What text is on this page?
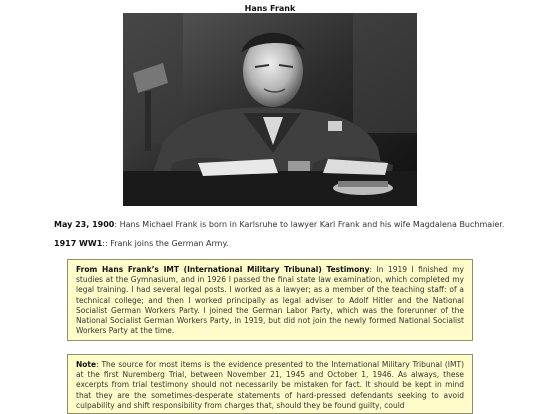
Hans Frank
May 23, 1900: Hans Michael Frank is born in Karlsruhe to lawyer Karl Frank and his wife Magdalena Buchmaier.
1917 WW1:: Frank joins the German Army.
From Hans Frank’s IMT (International Military Tribunal) Testimony: In 1919 I finished my studies at the Gymnasium, and in 1926 I passed the final state law examination, which completed my legal training. I had several legal posts. I worked as a lawyer; as a member of the teaching staff: of a technical college; and then I worked principally as legal adviser to Adolf Hitler and the National Socialist German Workers Party. I joined the German Labor Party, which was the forerunner of the National Socialist German Workers Party, in 1919, but did not join the newly formed National Socialist Workers Party at the time.
Note: The source for most items is the evidence presented to the International Military Tribunal (IMT) at the first Nuremberg Trial, between November 21, 1945 and October 1, 1946. As always, these excerpts from trial testimony should not necessarily be mistaken for fact. It should be kept in mind that they are the sometimes-desperate statements of hard-pressed defendants seeking to avoid culpability and shift responsibility from charges that, should they be found guilty, could
